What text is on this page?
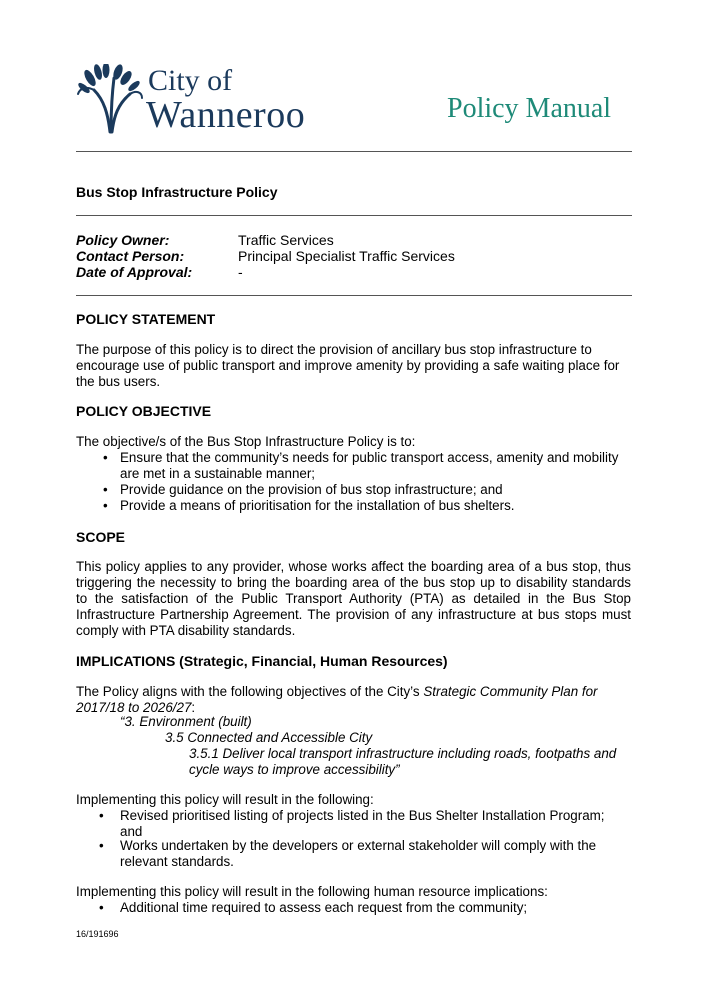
City of
Wanneroo	Policy Manual
Bus Stop Infrastructure Policy
Policy Owner:	Traffic Services
Contact Person:	Principal Specialist Traffic Services
Date of Approval:	-
POLICY STATEMENT
The purpose of this policy is to direct the provision of ancillary bus stop infrastructure to
encourage use of public transport and improve amenity by providing a safe waiting place for
the bus users.
POLICY OBJECTIVE
The objective/s of the Bus Stop Infrastructure Policy is to:
• Ensure that the community’s needs for public transport access, amenity and mobility
are met in a sustainable manner;
• Provide guidance on the provision of bus stop infrastructure; and
• Provide a means of prioritisation for the installation of bus shelters.
SCOPE
This policy applies to any provider, whose works affect the boarding area of a bus stop, thus
triggering the necessity to bring the boarding area of the bus stop up to disability standards
to the satisfaction of the Public Transport Authority (PTA) as detailed in the Bus Stop
Infrastructure Partnership Agreement. The provision of any infrastructure at bus stops must
comply with PTA disability standards.
IMPLICATIONS (Strategic, Financial, Human Resources)
The Policy aligns with the following objectives of the City’s Strategic Community Plan for
2017/18 to 2026/27:
“3. Environment (built)
3.5 Connected and Accessible City
3.5.1 Deliver local transport infrastructure including roads, footpaths and
cycle ways to improve accessibility”
Implementing this policy will result in the following:
• Revised prioritised listing of projects listed in the Bus Shelter Installation Program;
and
• Works undertaken by the developers or external stakeholder will comply with the
relevant standards.
Implementing this policy will result in the following human resource implications:
• Additional time required to assess each request from the community;
16/191696
